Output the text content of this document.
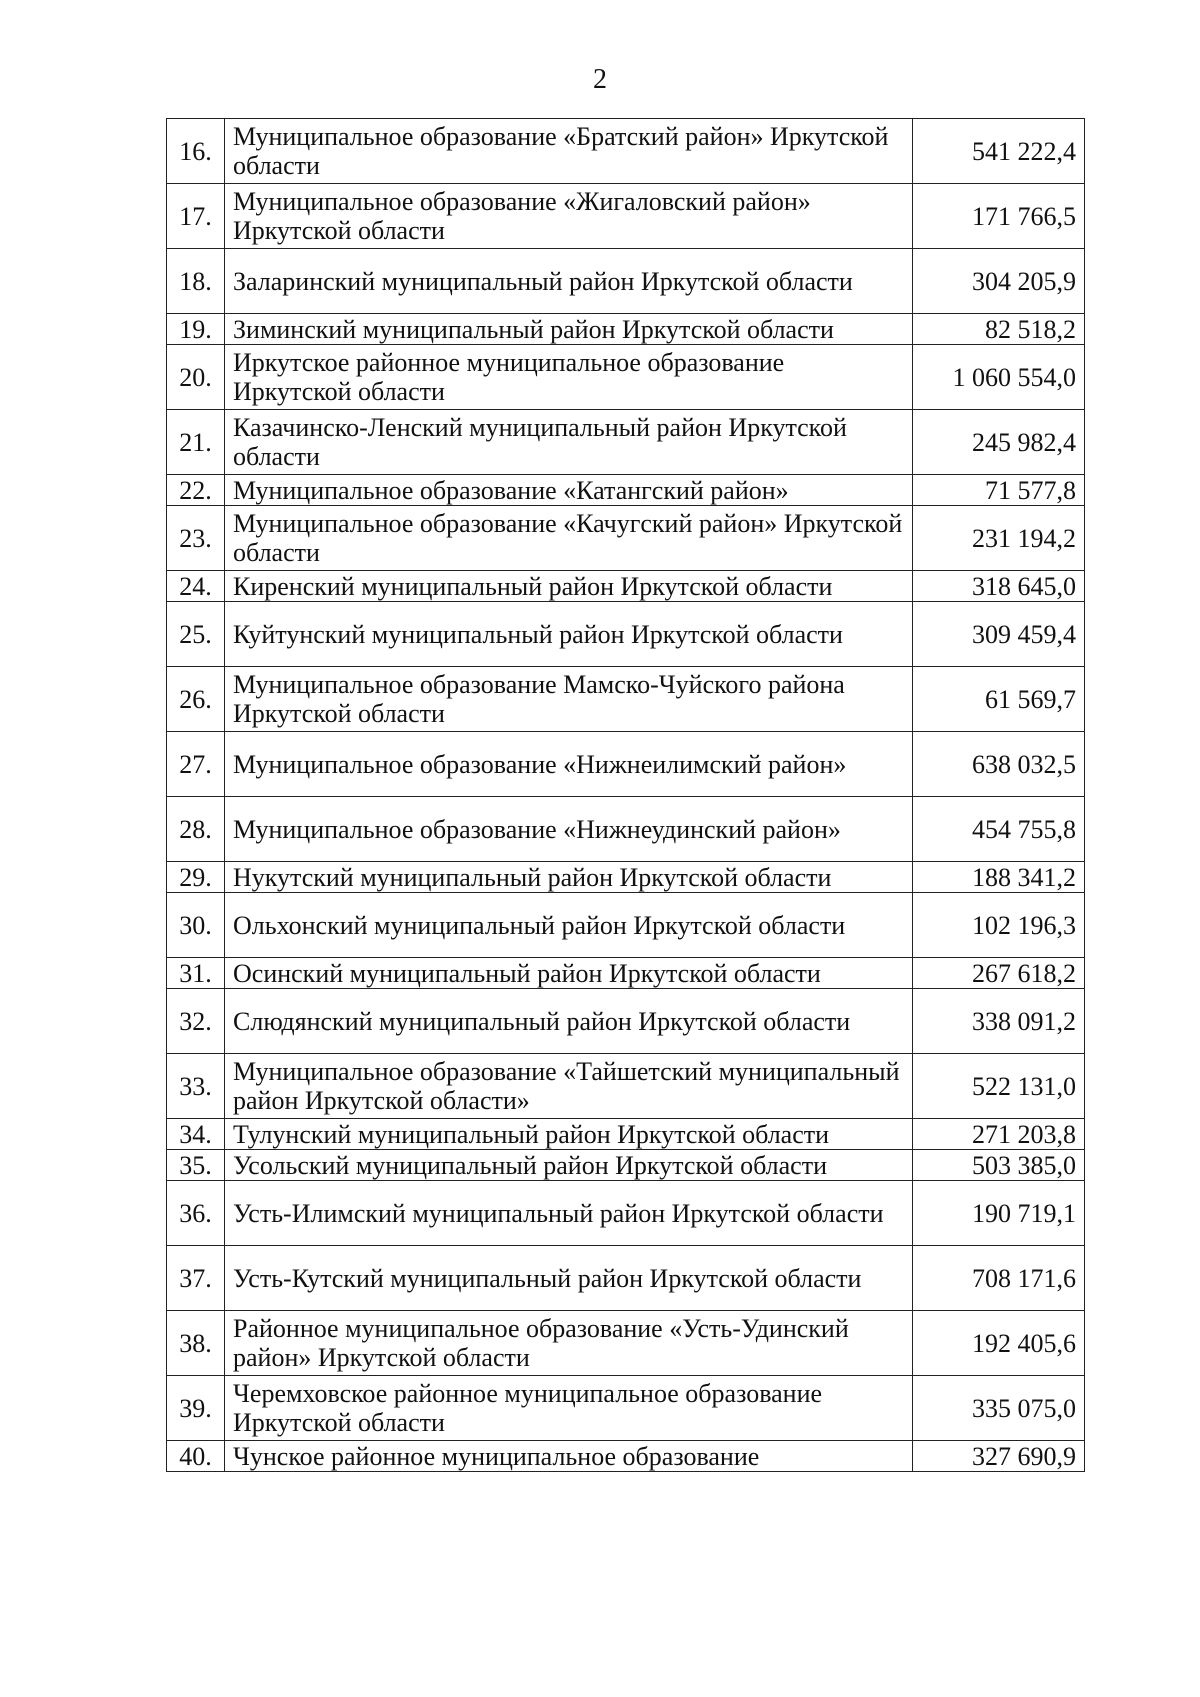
2
16.	Муниципальное образование «Братский район» Иркутской области	541 222,4
17.	Муниципальное образование «Жигаловский район» Иркутской области	171 766,5
18.	Заларинский муниципальный район Иркутской области	304 205,9
19.	Зиминский муниципальный район Иркутской области	82 518,2
20.	Иркутское районное муниципальное образование Иркутской области	1 060 554,0
21.	Казачинско-Ленский муниципальный район Иркутской области	245 982,4
22.	Муниципальное образование «Катангский район»	71 577,8
23.	Муниципальное образование «Качугский район» Иркутской области	231 194,2
24.	Киренский муниципальный район Иркутской области	318 645,0
25.	Куйтунский муниципальный район Иркутской области	309 459,4
26.	Муниципальное образование Мамско-Чуйского района Иркутской области	61 569,7
27.	Муниципальное образование «Нижнеилимский район»	638 032,5
28.	Муниципальное образование «Нижнеудинский район»	454 755,8
29.	Нукутский муниципальный район Иркутской области	188 341,2
30.	Ольхонский муниципальный район Иркутской области	102 196,3
31.	Осинский муниципальный район Иркутской области	267 618,2
32.	Слюдянский муниципальный район Иркутской области	338 091,2
33.	Муниципальное образование «Тайшетский муниципальный район Иркутской области»	522 131,0
34.	Тулунский муниципальный район Иркутской области	271 203,8
35.	Усольский муниципальный район Иркутской области	503 385,0
36.	Усть-Илимский муниципальный район Иркутской области	190 719,1
37.	Усть-Кутский муниципальный район Иркутской области	708 171,6
38.	Районное муниципальное образование «Усть-Удинский район» Иркутской области	192 405,6
39.	Черемховское районное муниципальное образование Иркутской области	335 075,0
40.	Чунское районное муниципальное образование	327 690,9
